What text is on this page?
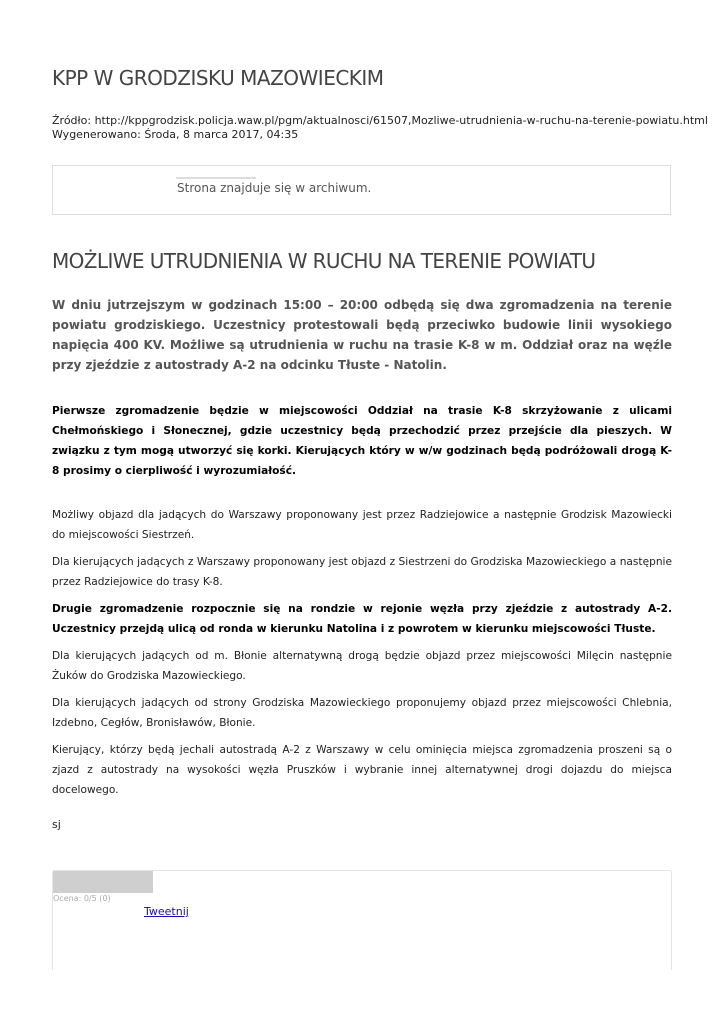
KPP W GRODZISKU MAZOWIECKIM
Źródło: http://kppgrodzisk.policja.waw.pl/pgm/aktualnosci/61507,Mozliwe-utrudnienia-w-ruchu-na-terenie-powiatu.html
Wygenerowano: Środa, 8 marca 2017, 04:35
Strona znajduje się w archiwum.
MOŻLIWE UTRUDNIENIA W RUCHU NA TERENIE POWIATU

W dniu jutrzejszym w godzinach 15:00 – 20:00 odbędą się dwa zgromadzenia na terenie powiatu grodziskiego. Uczestnicy protestowali będą przeciwko budowie linii wysokiego napięcia 400 KV. Możliwe są utrudnienia w ruchu na trasie K-8 w m. Oddział oraz na węźle przy zjeździe z autostrady A-2 na odcinku Tłuste - Natolin.

Pierwsze zgromadzenie będzie w miejscowości Oddział na trasie K-8 skrzyżowanie z ulicami Chełmońskiego i Słonecznej, gdzie uczestnicy będą przechodzić przez przejście dla pieszych. W związku z tym mogą utworzyć się korki. Kierujących który w w/w godzinach będą podróżowali drogą K-8 prosimy o cierpliwość i wyrozumiałość.

Możliwy objazd dla jadących do Warszawy proponowany jest przez Radziejowice a następnie Grodzisk Mazowiecki do miejscowości Siestrzeń.

Dla kierujących jadących z Warszawy proponowany jest objazd z Siestrzeni do Grodziska Mazowieckiego a następnie przez Radziejowice do trasy K-8.

Drugie zgromadzenie rozpocznie się na rondzie w rejonie węzła przy zjeździe z autostrady A-2. Uczestnicy przejdą ulicą od ronda w kierunku Natolina i z powrotem w kierunku miejscowości Tłuste.

Dla kierujących jadących od m. Błonie alternatywną drogą będzie objazd przez miejscowości Milęcin następnie Żuków do Grodziska Mazowieckiego.

Dla kierujących jadących od strony Grodziska Mazowieckiego proponujemy objazd przez miejscowości Chlebnia, Izdebno, Cegłów, Bronisławów, Błonie.

Kierujący, którzy będą jechali autostradą A-2 z Warszawy w celu ominięcia miejsca zgromadzenia proszeni są o zjazd z autostrady na wysokości węzła Pruszków i wybranie innej alternatywnej drogi dojazdu do miejsca docelowego.

sj
Ocena: 0/5 (0)
Tweetnij
